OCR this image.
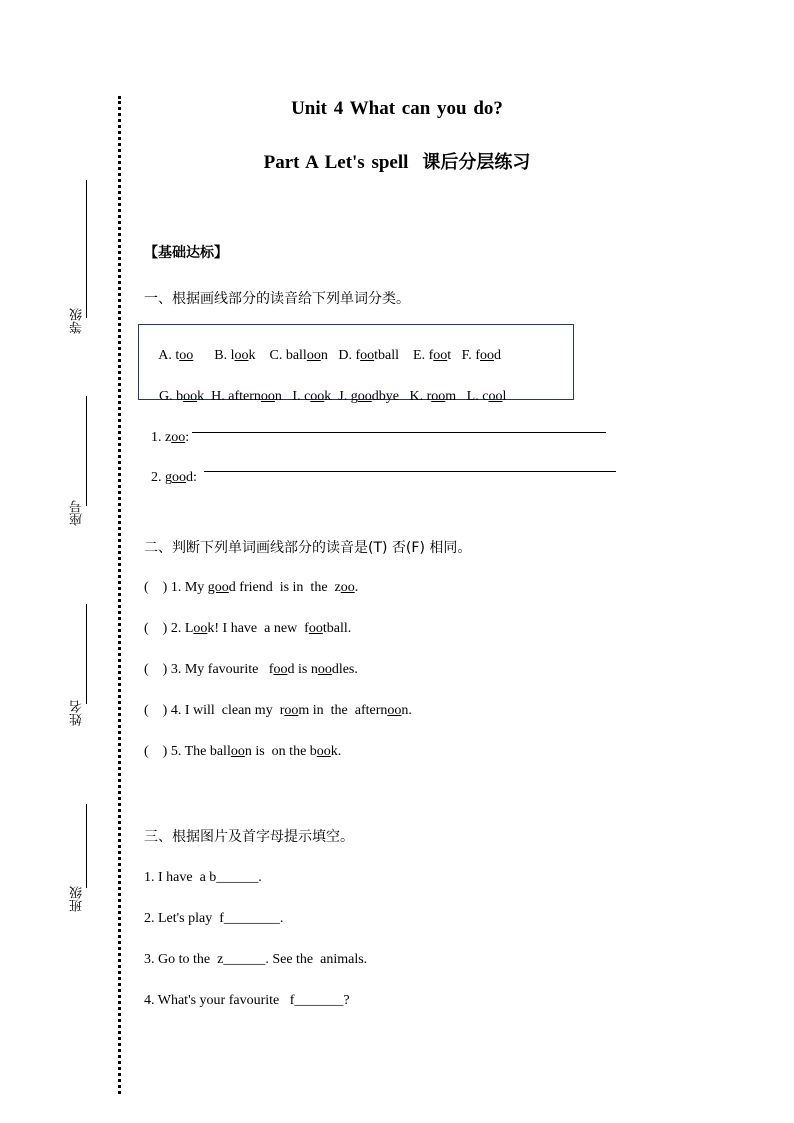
等级
座号
姓名
班级
Unit 4 What can you do?
Part A Let's spell 课后分层练习
【基础达标】
一、根据画线部分的读音给下列单词分类。

A. too B. look C. balloon D. football E. foot F. food

G. book H. afternoon I. cook J. goodbye K. room L. cool

1. zoo:

2. good:

二、判断下列单词画线部分的读音是(T) 否(F) 相同。
(    ) 1. My good friend  is in  the  zoo.
(    ) 2. Look! I have  a new  football.
(    ) 3. My favourite   food is noodles.
(    ) 4. I will  clean my  room in  the  afternoon.
(    ) 5. The balloon is  on the book.
三、根据图片及首字母提示填空。
1. I have  a b______.
2. Let's play  f________.
3. Go to the  z______. See the  animals.
4. What's your favourite   f_______?
